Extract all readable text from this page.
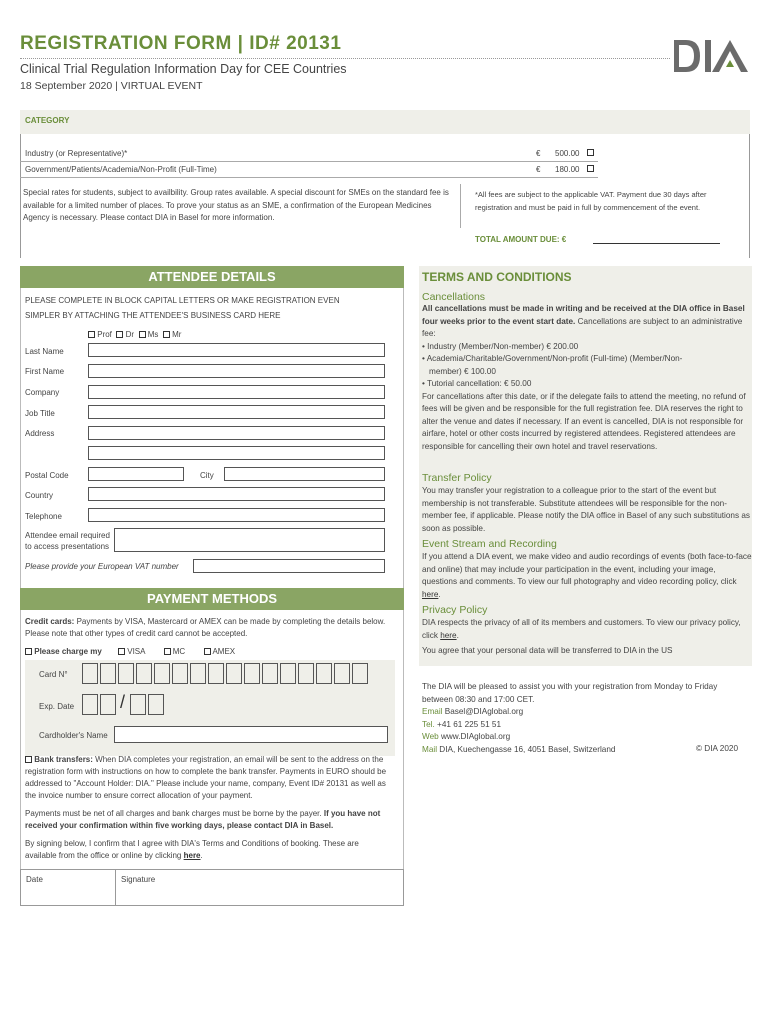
REGISTRATION FORM | ID# 20131
Clinical Trial Regulation Information Day for CEE Countries
18 September 2020 | VIRTUAL EVENT
CATEGORY
Industry (or Representative)*	€ 500.00
Government/Patients/Academia/Non-Profit (Full-Time)	€ 180.00
Special rates for students, subject to availbility. Group rates available. A special discount for SMEs on the standard fee is available for a limited number of places. To prove your status as an SME, a confirmation of the European Medicines Agency is necessary. Please contact DIA in Basel for more information.
*All fees are subject to the applicable VAT. Payment due 30 days after registration and must be paid in full by commencement of the event.
TOTAL AMOUNT DUE: €
ATTENDEE DETAILS
PLEASE COMPLETE IN BLOCK CAPITAL LETTERS OR MAKE REGISTRATION EVEN
SIMPLER BY ATTACHING THE ATTENDEE'S BUSINESS CARD HERE
Prof Dr Ms Mr
Last Name
First Name
Company
Job Title
Address
Postal Code	City
Country
Telephone
Attendee email required
to access presentations
Please provide your European VAT number
PAYMENT METHODS
Credit cards: Payments by VISA, Mastercard or AMEX can be made by completing the details below. Please note that other types of credit card cannot be accepted.
Please charge my	VISA	MC	AMEX
Card N°
Exp. Date	/
Cardholder's Name
Bank transfers: When DIA completes your registration, an email will be sent to the address on the registration form with instructions on how to complete the bank transfer. Payments in EURO should be addressed to "Account Holder: DIA." Please include your name, company, Event ID# 20131 as well as the invoice number to ensure correct allocation of your payment.
Payments must be net of all charges and bank charges must be borne by the payer. If you have not received your confirmation within five working days, please contact DIA in Basel.
By signing below, I confirm that I agree with DIA's Terms and Conditions of booking. These are available from the office or online by clicking here.
Date	Signature
TERMS AND CONDITIONS
Cancellations

All cancellations must be made in writing and be received at the DIA office in Basel four weeks prior to the event start date. Cancellations are subject to an administrative fee:

• Industry (Member/Non-member) € 200.00

• Academia/Charitable/Government/Non-profit (Full-time) (Member/Non-

member) € 100.00

• Tutorial cancellation: € 50.00

For cancellations after this date, or if the delegate fails to attend the meeting, no refund of fees will be given and be responsible for the full registration fee. DIA reserves the right to alter the venue and dates if necessary. If an event is cancelled, DIA is not responsible for airfare, hotel or other costs incurred by registered attendees. Registered attendees are responsible for cancelling their own hotel and travel reservations.

Transfer Policy

You may transfer your registration to a colleague prior to the start of the event but membership is not transferable. Substitute attendees will be responsible for the non-member fee, if applicable. Please notify the DIA office in Basel of any such substitutions as soon as possible.

Event Stream and Recording

If you attend a DIA event, we make video and audio recordings of events (both face-to-face and online) that may include your participation in the event, including your image, questions and comments. To view our full photography and video recording policy, click here.

Privacy Policy

DIA respects the privacy of all of its members and customers. To view our privacy policy, click here.

You agree that your personal data will be transferred to DIA in the US

The DIA will be pleased to assist you with your registration from Monday to Friday between 08:30 and 17:00 CET.

Email Basel@DIAglobal.org

Tel. +41 61 225 51 51

Web www.DIAglobal.org

Mail DIA, Kuechengasse 16, 4051 Basel, Switzerland	© DIA 2020
